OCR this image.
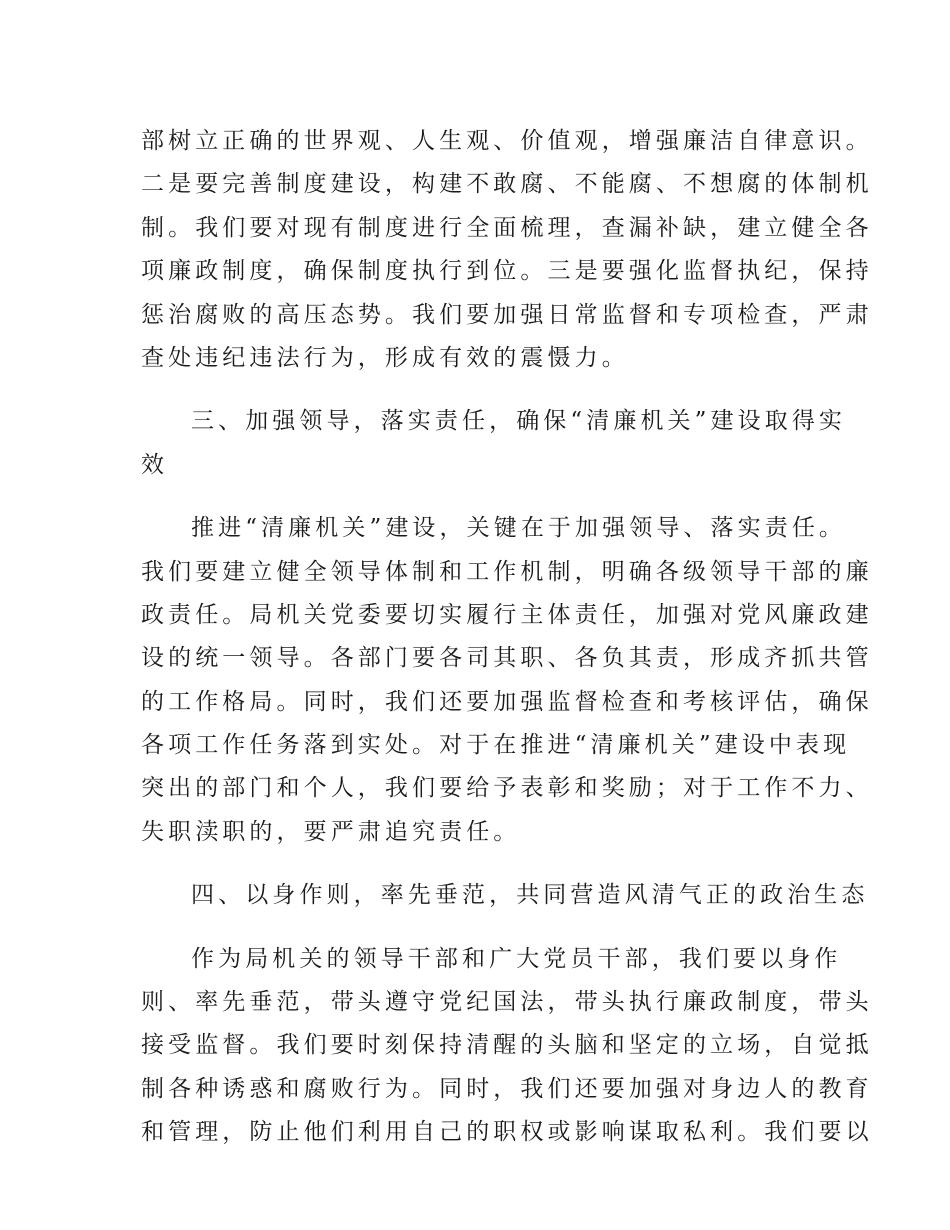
部树立正确的世界观、人生观、价值观，增强廉洁自律意识。
二是要完善制度建设，构建不敢腐、不能腐、不想腐的体制机
制。我们要对现有制度进行全面梳理，查漏补缺，建立健全各
项廉政制度，确保制度执行到位。三是要强化监督执纪，保持
惩治腐败的高压态势。我们要加强日常监督和专项检查，严肃
查处违纪违法行为，形成有效的震慑力。
三、加强领导，落实责任，确保“清廉机关”建设取得实
效
推进“清廉机关”建设，关键在于加强领导、落实责任。
我们要建立健全领导体制和工作机制，明确各级领导干部的廉
政责任。局机关党委要切实履行主体责任，加强对党风廉政建
设的统一领导。各部门要各司其职、各负其责，形成齐抓共管
的工作格局。同时，我们还要加强监督检查和考核评估，确保
各项工作任务落到实处。对于在推进“清廉机关”建设中表现
突出的部门和个人，我们要给予表彰和奖励；对于工作不力、
失职渎职的，要严肃追究责任。
四、以身作则，率先垂范，共同营造风清气正的政治生态
作为局机关的领导干部和广大党员干部，我们要以身作
则、率先垂范，带头遵守党纪国法，带头执行廉政制度，带头
接受监督。我们要时刻保持清醒的头脑和坚定的立场，自觉抵
制各种诱惑和腐败行为。同时，我们还要加强对身边人的教育
和管理，防止他们利用自己的职权或影响谋取私利。我们要以
